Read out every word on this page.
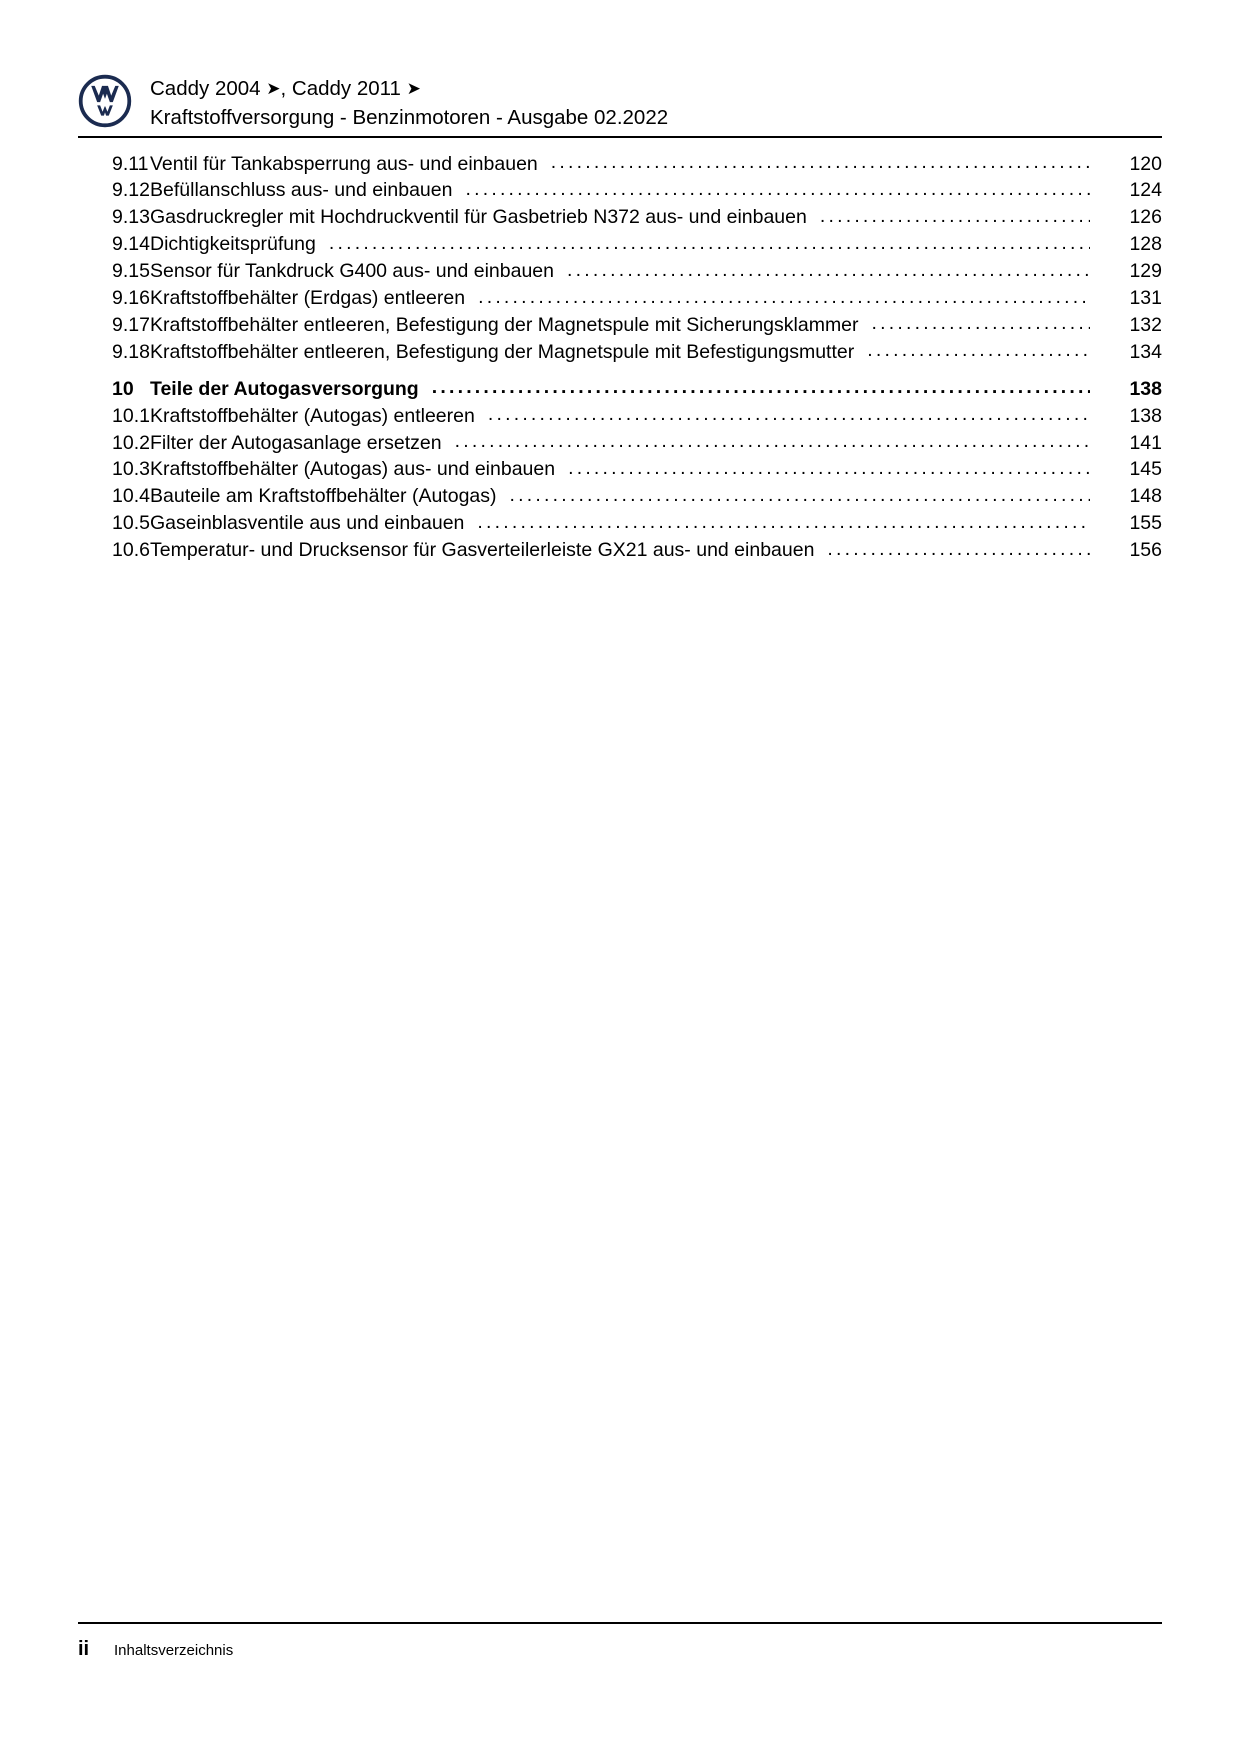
Caddy 2004 ➤, Caddy 2011 ➤
Kraftstoffversorgung - Benzinmotoren - Ausgabe 02.2022
9.11 Ventil für Tankabsperrung aus- und einbauen .....	120
9.12 Befüllanschluss aus- und einbauen .....	124
9.13 Gasdruckregler mit Hochdruckventil für Gasbetrieb N372 aus- und einbauen .....	126
9.14 Dichtigkeitsprüfung .....	128
9.15 Sensor für Tankdruck G400 aus- und einbauen .....	129
9.16 Kraftstoffbehälter (Erdgas) entleeren .....	131
9.17 Kraftstoffbehälter entleeren, Befestigung der Magnetspule mit Sicherungsklammer .....	132
9.18 Kraftstoffbehälter entleeren, Befestigung der Magnetspule mit Befestigungsmutter .....	134
10 Teile der Autogasversorgung .....	138
10.1 Kraftstoffbehälter (Autogas) entleeren .....	138
10.2 Filter der Autogasanlage ersetzen .....	141
10.3 Kraftstoffbehälter (Autogas) aus- und einbauen .....	145
10.4 Bauteile am Kraftstoffbehälter (Autogas) .....	148
10.5 Gaseinblasventile aus und einbauen .....	155
10.6 Temperatur- und Drucksensor für Gasverteilerleiste GX21 aus- und einbauen .....	156
ii	Inhaltsverzeichnis
